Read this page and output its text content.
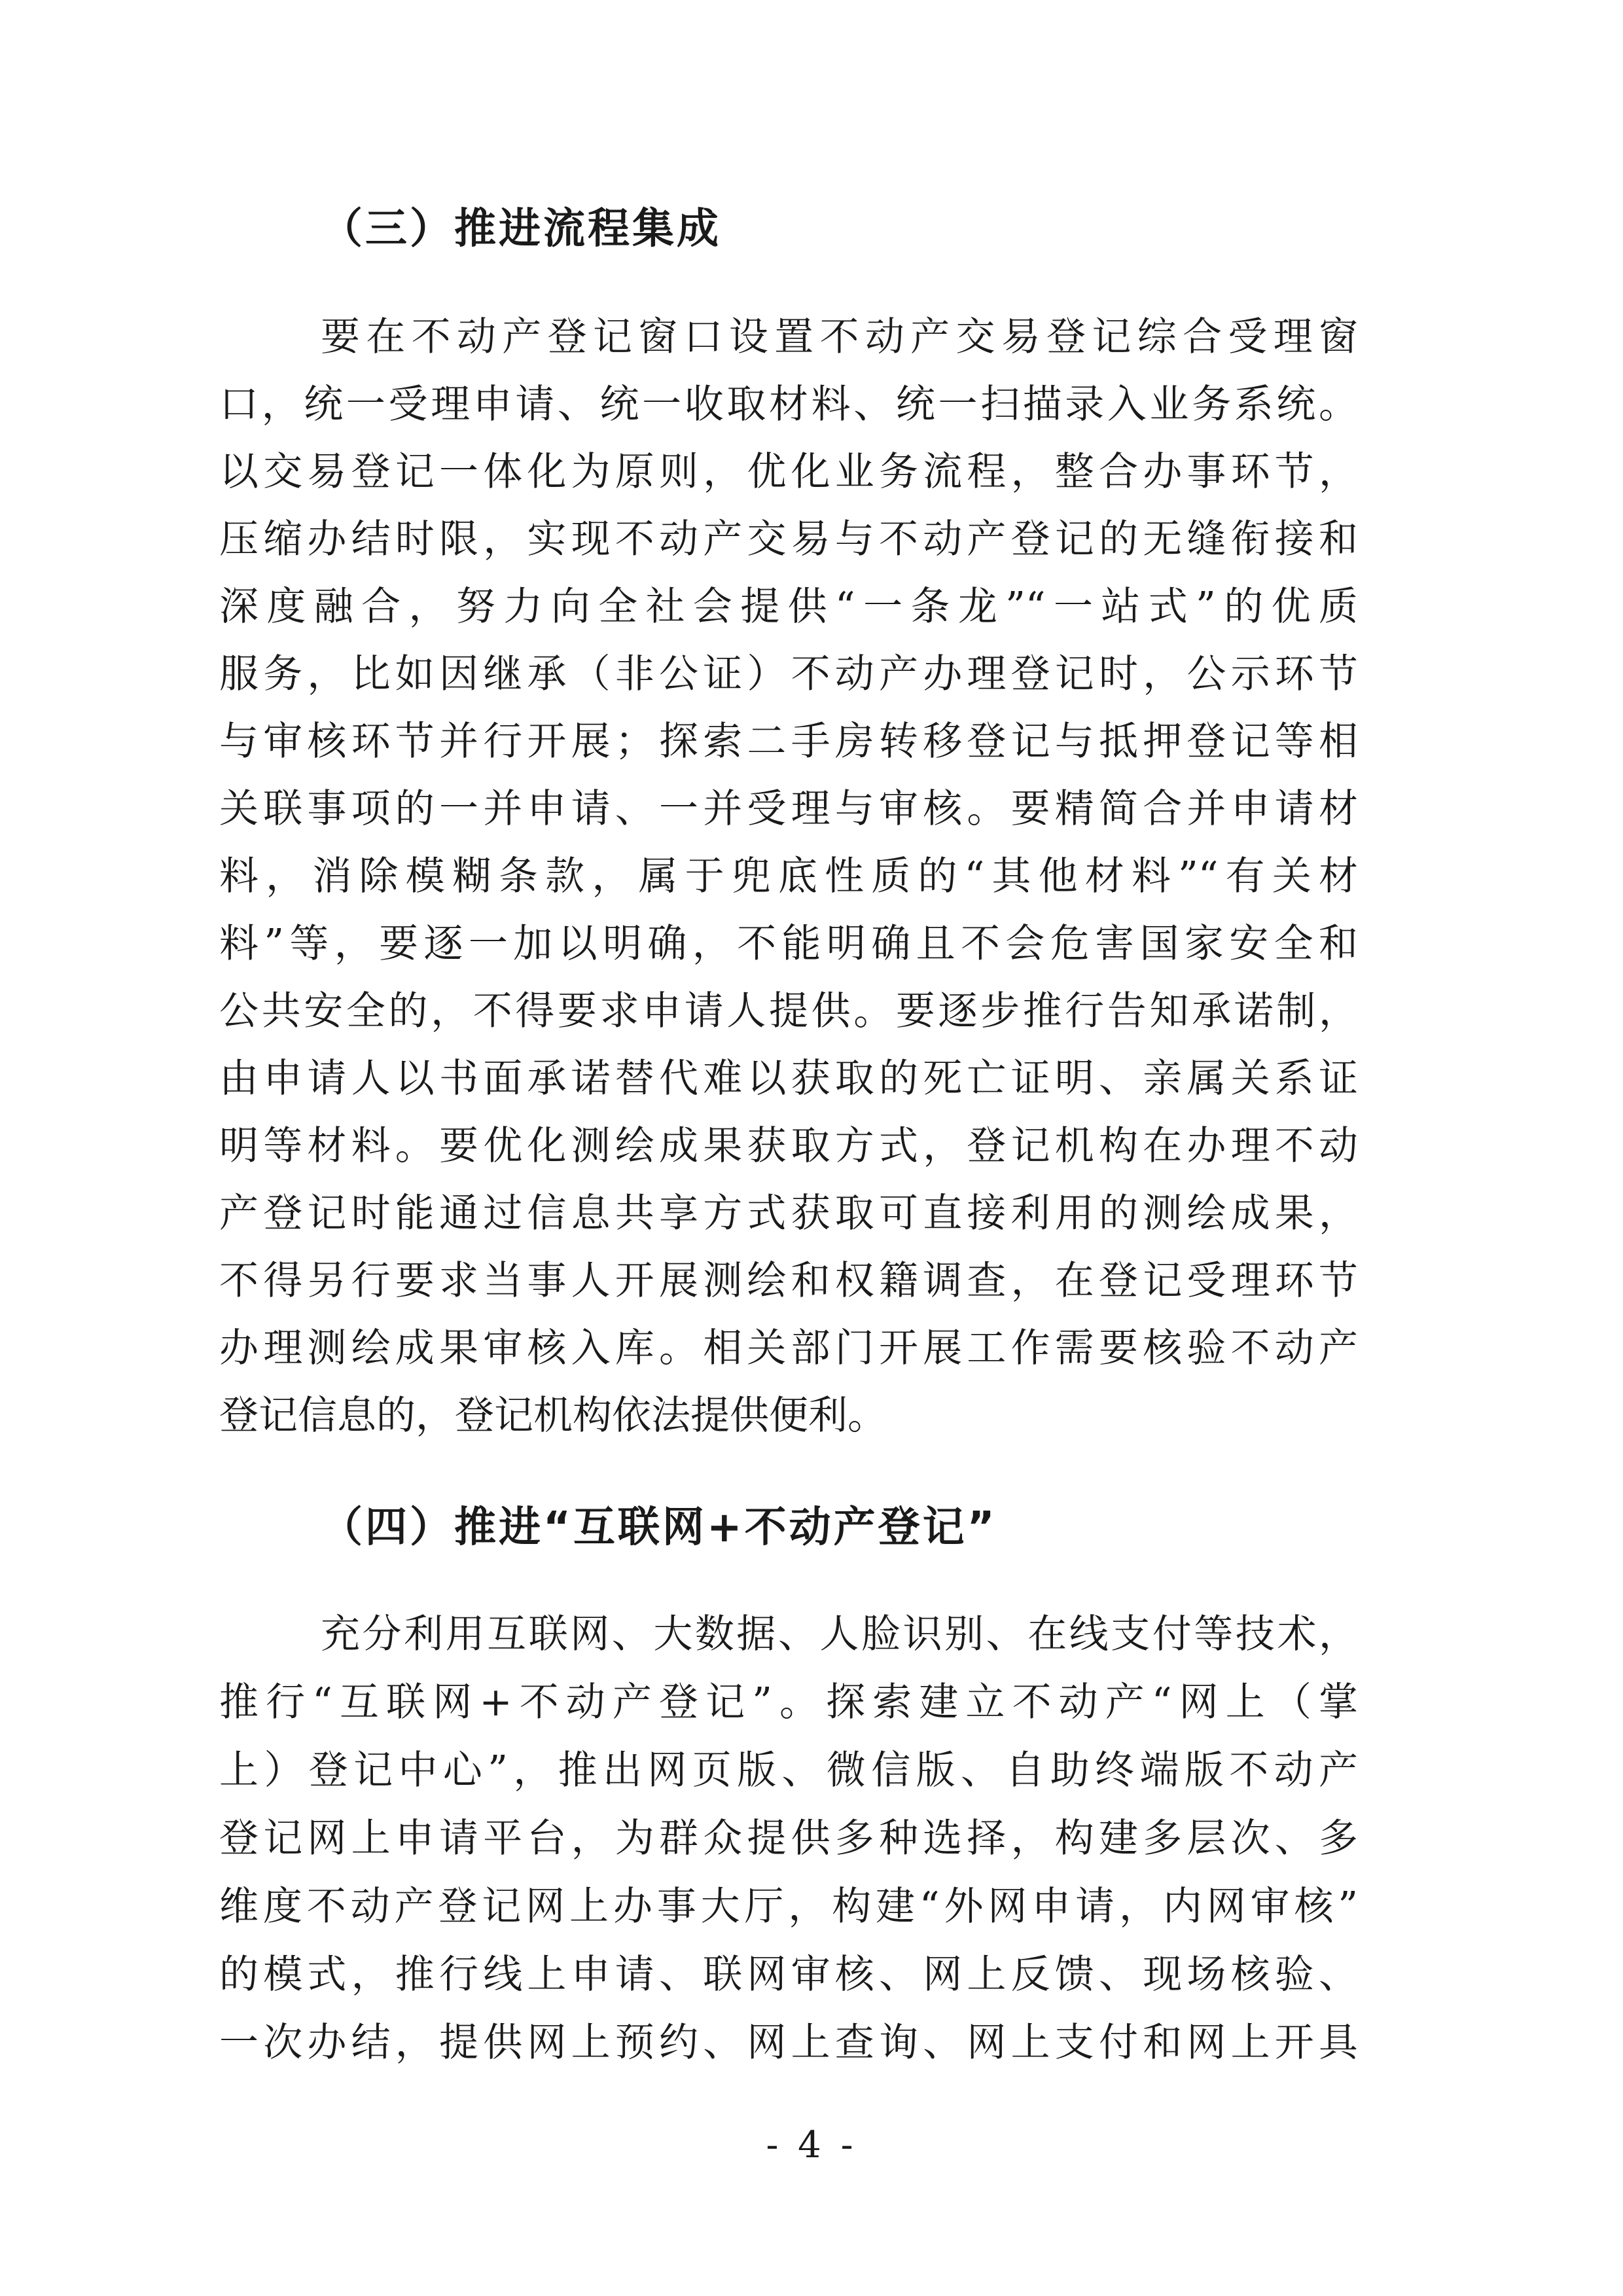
（三）推进流程集成
要在不动产登记窗口设置不动产交易登记综合受理窗
口，统一受理申请、统一收取材料、统一扫描录入业务系统。
以交易登记一体化为原则，优化业务流程，整合办事环节，
压缩办结时限，实现不动产交易与不动产登记的无缝衔接和
深度融合，努力向全社会提供“一条龙”“一站式”的优质
服务，比如因继承（非公证）不动产办理登记时，公示环节
与审核环节并行开展；探索二手房转移登记与抵押登记等相
关联事项的一并申请、一并受理与审核。要精简合并申请材
料，消除模糊条款，属于兜底性质的“其他材料”“有关材
料”等，要逐一加以明确，不能明确且不会危害国家安全和
公共安全的，不得要求申请人提供。要逐步推行告知承诺制，
由申请人以书面承诺替代难以获取的死亡证明、亲属关系证
明等材料。要优化测绘成果获取方式，登记机构在办理不动
产登记时能通过信息共享方式获取可直接利用的测绘成果，
不得另行要求当事人开展测绘和权籍调查，在登记受理环节
办理测绘成果审核入库。相关部门开展工作需要核验不动产
登记信息的，登记机构依法提供便利。
（四）推进“互联网+不动产登记”
充分利用互联网、大数据、人脸识别、在线支付等技术，
推行“互联网+不动产登记”。探索建立不动产“网上（掌
上）登记中心”，推出网页版、微信版、自助终端版不动产
登记网上申请平台，为群众提供多种选择，构建多层次、多
维度不动产登记网上办事大厅，构建“外网申请，内网审核”
的模式，推行线上申请、联网审核、网上反馈、现场核验、
一次办结，提供网上预约、网上查询、网上支付和网上开具
- 4 -
